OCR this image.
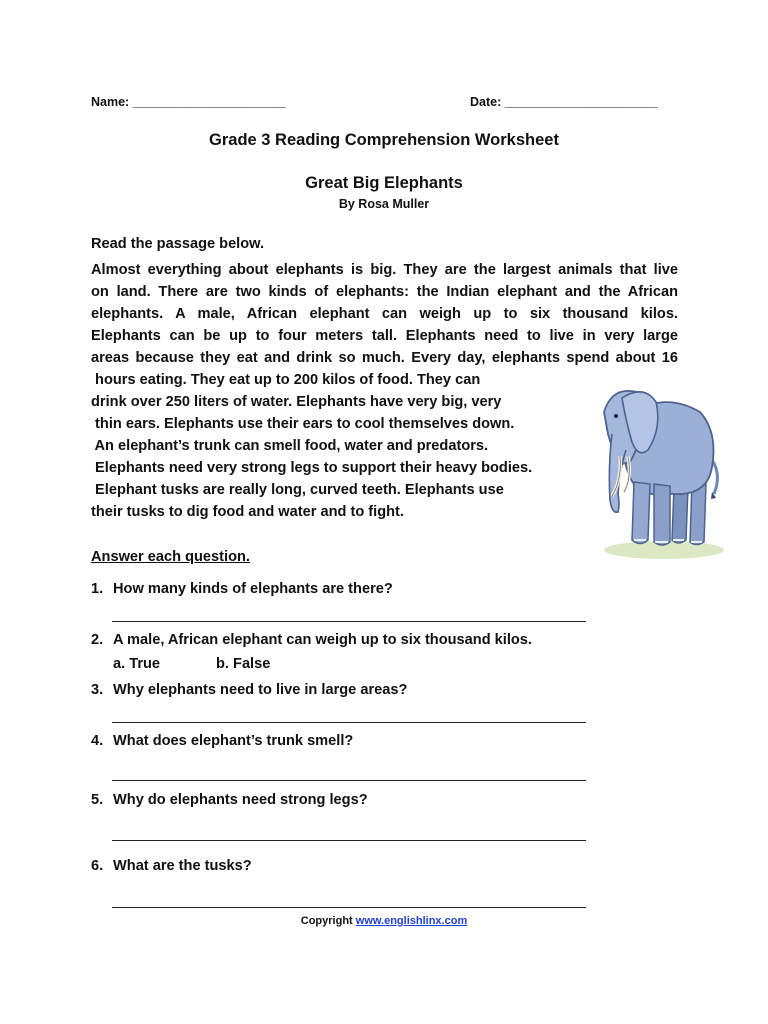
Name: ______________________	Date: ______________________
Grade 3 Reading Comprehension Worksheet
Great Big Elephants
By Rosa Muller
Read the passage below.
Almost everything about elephants is big. They are the largest animals that live
on land. There are two kinds of elephants: the Indian elephant and the African
elephants. A male, African elephant can weigh up to six thousand kilos.
Elephants can be up to four meters tall. Elephants need to live in very large
areas because they eat and drink so much. Every day, elephants spend about 16
hours eating. They eat up to 200 kilos of food. They can
drink over 250 liters of water. Elephants have very big, very
thin ears. Elephants use their ears to cool themselves down.
An elephant’s trunk can smell food, water and predators.
Elephants need very strong legs to support their heavy bodies.
Elephant tusks are really long, curved teeth. Elephants use
their tusks to dig food and water and to fight.
Answer each question.
1. How many kinds of elephants are there?
2. A male, African elephant can weigh up to six thousand kilos.
a. True	b. False
3. Why elephants need to live in large areas?
4. What does elephant’s trunk smell?
5. Why do elephants need strong legs?
6. What are the tusks?
Copyright www.englishlinx.com
